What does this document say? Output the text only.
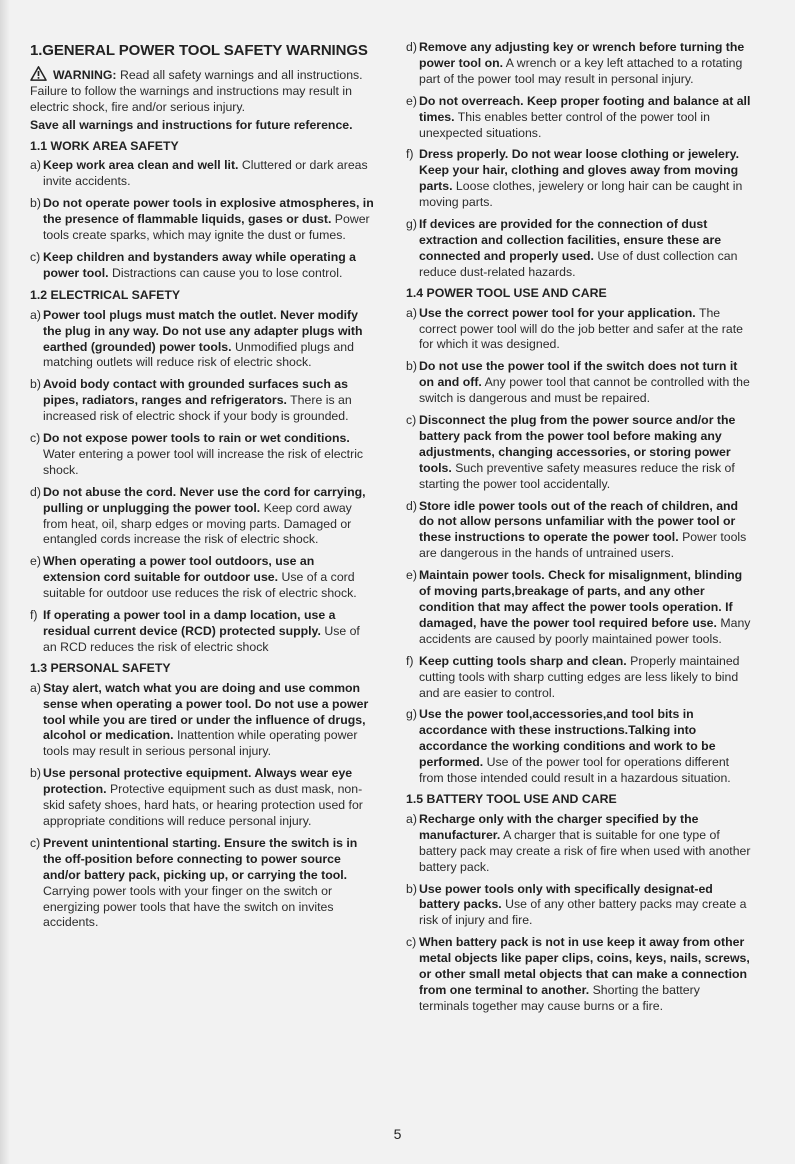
1.GENERAL POWER TOOL SAFETY WARNINGS

WARNING: Read all safety warnings and all instructions. Failure to follow the warnings and instructions may result in electric shock, fire and/or serious injury.

Save all warnings and instructions for future reference.

1.1 WORK AREA SAFETY
a) Keep work area clean and well lit. Cluttered or dark areas invite accidents.
b) Do not operate power tools in explosive atmospheres, in the presence of flammable liquids, gases or dust. Power tools create sparks, which may ignite the dust or fumes.
c) Keep children and bystanders away while operating a power tool. Distractions can cause you to lose control.
1.2 ELECTRICAL SAFETY
a) Power tool plugs must match the outlet. Never modify the plug in any way. Do not use any adapter plugs with earthed (grounded) power tools. Unmodified plugs and matching outlets will reduce risk of electric shock.
b) Avoid body contact with grounded surfaces such as pipes, radiators, ranges and refrigerators. There is an increased risk of electric shock if your body is grounded.
c) Do not expose power tools to rain or wet conditions. Water entering a power tool will increase the risk of electric shock.
d) Do not abuse the cord. Never use the cord for carrying, pulling or unplugging the power tool. Keep cord away from heat, oil, sharp edges or moving parts. Damaged or entangled cords increase the risk of electric shock.
e) When operating a power tool outdoors, use an extension cord suitable for outdoor use. Use of a cord suitable for outdoor use reduces the risk of electric shock.
f) If operating a power tool in a damp location, use a residual current device (RCD) protected supply. Use of an RCD reduces the risk of electric shock
1.3 PERSONAL SAFETY
a) Stay alert, watch what you are doing and use common sense when operating a power tool. Do not use a power tool while you are tired or under the influence of drugs, alcohol or medication. Inattention while operating power tools may result in serious personal injury.
b) Use personal protective equipment. Always wear eye protection. Protective equipment such as dust mask, non-skid safety shoes, hard hats, or hearing protection used for appropriate conditions will reduce personal injury.
c) Prevent unintentional starting. Ensure the switch is in the off-position before connecting to power source and/or battery pack, picking up, or carrying the tool. Carrying power tools with your finger on the switch or energizing power tools that have the switch on invites accidents.
d) Remove any adjusting key or wrench before turning the power tool on. A wrench or a key left attached to a rotating part of the power tool may result in personal injury.
e) Do not overreach. Keep proper footing and balance at all times. This enables better control of the power tool in unexpected situations.
f) Dress properly. Do not wear loose clothing or jewelery. Keep your hair, clothing and gloves away from moving parts. Loose clothes, jewelery or long hair can be caught in moving parts.
g) If devices are provided for the connection of dust extraction and collection facilities, ensure these are connected and properly used. Use of dust collection can reduce dust-related hazards.
1.4 POWER TOOL USE AND CARE
a) Use the correct power tool for your application. The correct power tool will do the job better and safer at the rate for which it was designed.
b) Do not use the power tool if the switch does not turn it on and off. Any power tool that cannot be controlled with the switch is dangerous and must be repaired.
c) Disconnect the plug from the power source and/or the battery pack from the power tool before making any adjustments, changing accessories, or storing power tools. Such preventive safety measures reduce the risk of starting the power tool accidentally.
d) Store idle power tools out of the reach of children, and do not allow persons unfamiliar with the power tool or these instructions to operate the power tool. Power tools are dangerous in the hands of untrained users.
e) Maintain power tools. Check for misalignment, blinding of moving parts,breakage of parts, and any other condition that may affect the power tools operation. If damaged, have the power tool required before use. Many accidents are caused by poorly maintained power tools.
f) Keep cutting tools sharp and clean. Properly maintained cutting tools with sharp cutting edges are less likely to bind and are easier to control.
g) Use the power tool,accessories,and tool bits in accordance with these instructions.Talking into accordance the working conditions and work to be performed. Use of the power tool for operations different from those intended could result in a hazardous situation.
1.5 BATTERY TOOL USE AND CARE
a) Recharge only with the charger specified by the manufacturer. A charger that is suitable for one type of battery pack may create a risk of fire when used with another battery pack.
b) Use power tools only with specifically designat-ed battery packs. Use of any other battery packs may create a risk of injury and fire.
c) When battery pack is not in use keep it away from other metal objects like paper clips, coins, keys, nails, screws, or other small metal objects that can make a connection from one terminal to another. Shorting the battery terminals together may cause burns or a fire.
5
